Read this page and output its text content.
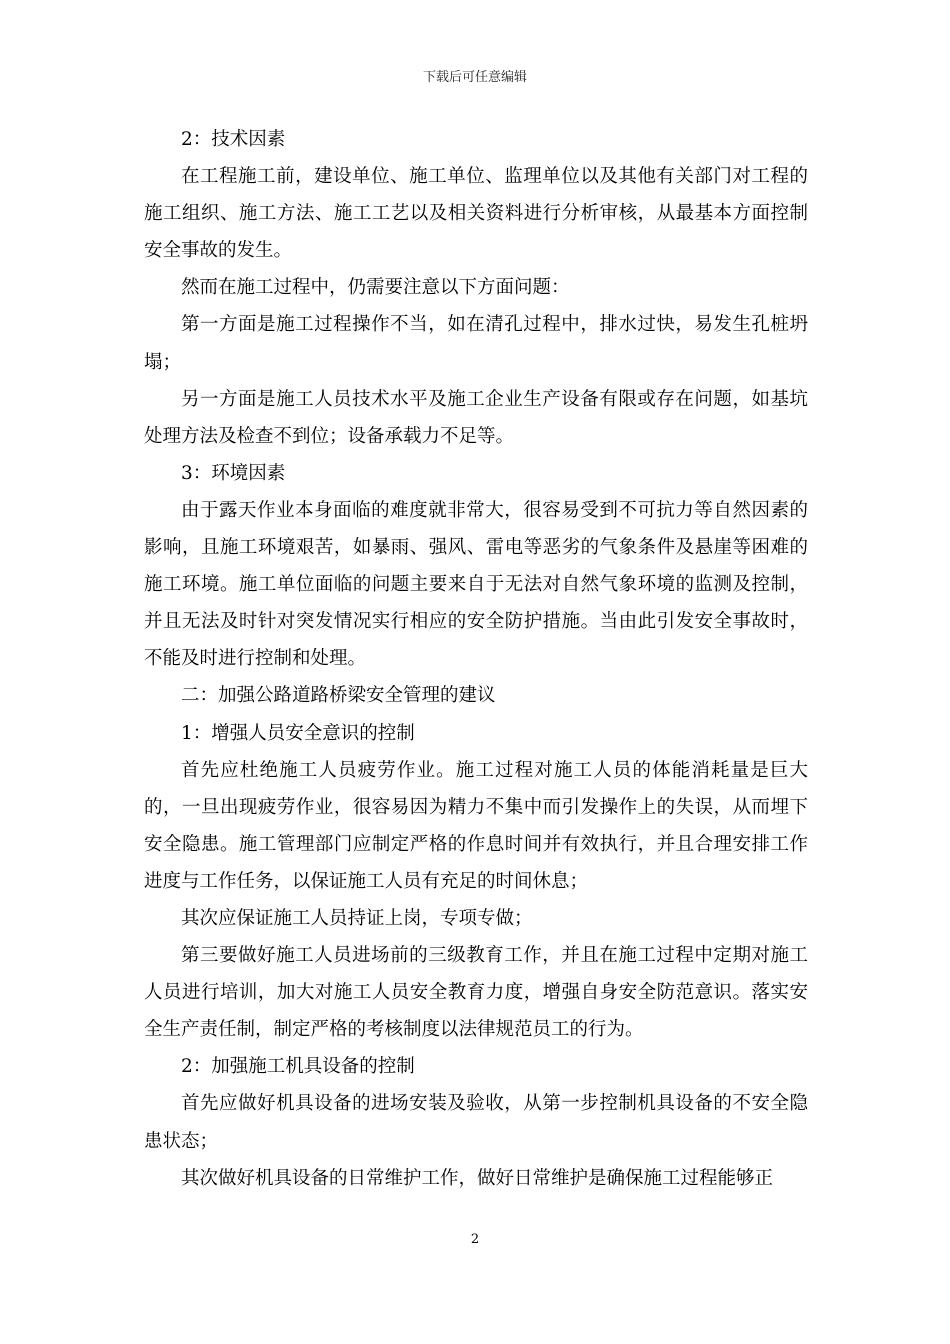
下载后可任意编辑

2：技术因素

在工程施工前，建设单位、施工单位、监理单位以及其他有关部门对工程的施工组织、施工方法、施工工艺以及相关资料进行分析审核，从最基本方面控制安全事故的发生。

然而在施工过程中，仍需要注意以下方面问题：

第一方面是施工过程操作不当，如在清孔过程中，排水过快，易发生孔桩坍塌；

另一方面是施工人员技术水平及施工企业生产设备有限或存在问题，如基坑处理方法及检查不到位；设备承载力不足等。

3：环境因素

由于露天作业本身面临的难度就非常大，很容易受到不可抗力等自然因素的影响，且施工环境艰苦，如暴雨、强风、雷电等恶劣的气象条件及悬崖等困难的施工环境。施工单位面临的问题主要来自于无法对自然气象环境的监测及控制，并且无法及时针对突发情况实行相应的安全防护措施。当由此引发安全事故时，不能及时进行控制和处理。

二：加强公路道路桥梁安全管理的建议

1：增强人员安全意识的控制

首先应杜绝施工人员疲劳作业。施工过程对施工人员的体能消耗量是巨大的，一旦出现疲劳作业，很容易因为精力不集中而引发操作上的失误，从而埋下安全隐患。施工管理部门应制定严格的作息时间并有效执行，并且合理安排工作进度与工作任务，以保证施工人员有充足的时间休息；

其次应保证施工人员持证上岗，专项专做；

第三要做好施工人员进场前的三级教育工作，并且在施工过程中定期对施工人员进行培训，加大对施工人员安全教育力度，增强自身安全防范意识。落实安全生产责任制，制定严格的考核制度以法律规范员工的行为。

2：加强施工机具设备的控制

首先应做好机具设备的进场安装及验收，从第一步控制机具设备的不安全隐患状态；

其次做好机具设备的日常维护工作，做好日常维护是确保施工过程能够正

2
